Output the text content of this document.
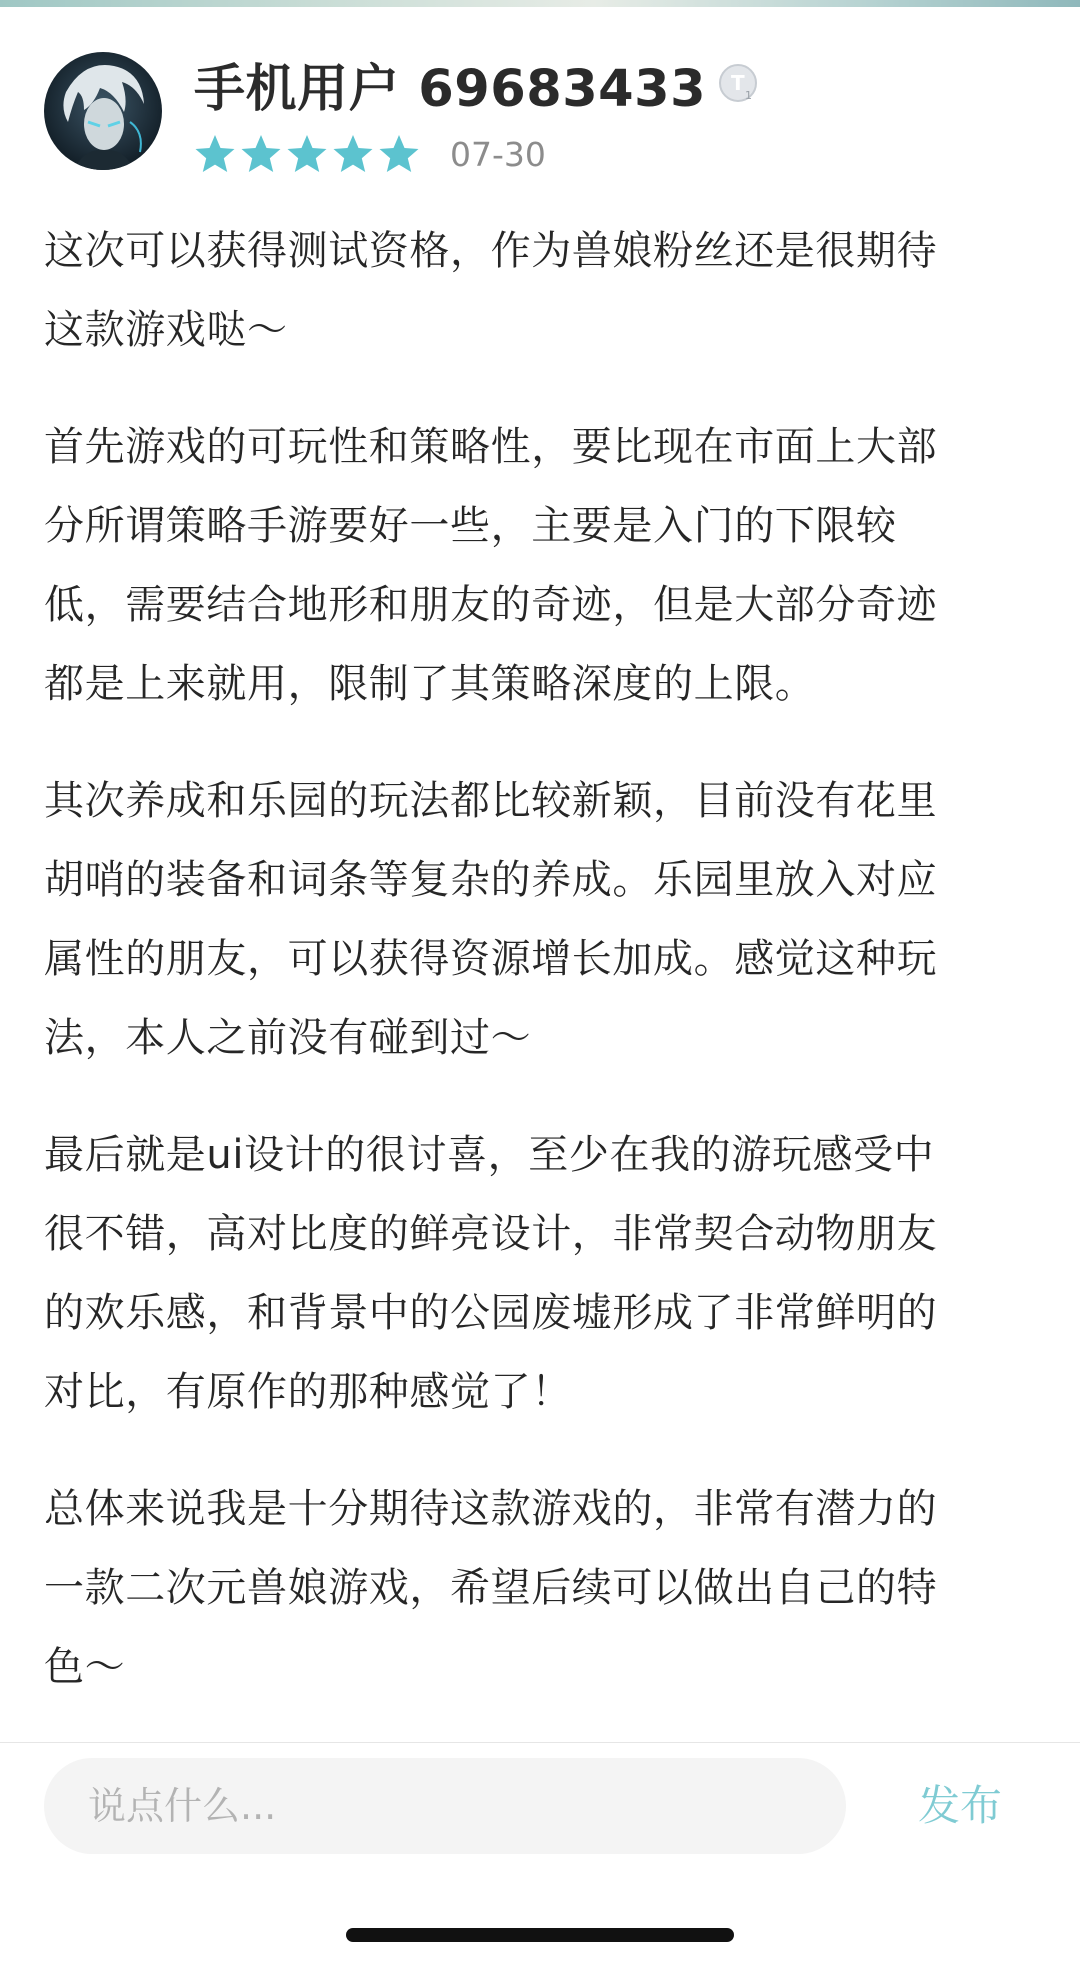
手机用户 69683433 T
1
07-30

这次可以获得测试资格，作为兽娘粉丝还是很期待
这款游戏哒～

首先游戏的可玩性和策略性，要比现在市面上大部
分所谓策略手游要好一些，主要是入门的下限较
低，需要结合地形和朋友的奇迹，但是大部分奇迹
都是上来就用，限制了其策略深度的上限。

其次养成和乐园的玩法都比较新颖，目前没有花里
胡哨的装备和词条等复杂的养成。乐园里放入对应
属性的朋友，可以获得资源增长加成。感觉这种玩
法，本人之前没有碰到过～

最后就是ui设计的很讨喜，至少在我的游玩感受中
很不错，高对比度的鲜亮设计，非常契合动物朋友
的欢乐感，和背景中的公园废墟形成了非常鲜明的
对比，有原作的那种感觉了！

总体来说我是十分期待这款游戏的，非常有潜力的
一款二次元兽娘游戏，希望后续可以做出自己的特
色～

说点什么...
发布
